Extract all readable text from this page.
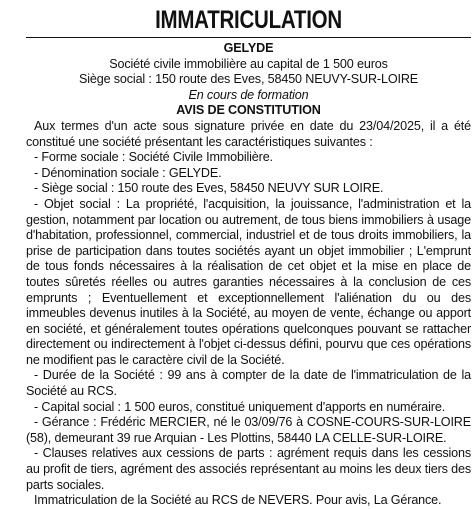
IMMATRICULATION

GELYDE

Société civile immobilière au capital de 1 500 euros

Siège social : 150 route des Eves, 58450 NEUVY-SUR-LOIRE

En cours de formation

AVIS DE CONSTITUTION

Aux termes d'un acte sous signature privée en date du 23/04/2025, il a été constitué une société présentant les caractéristiques suivantes :

- Forme sociale : Société Civile Immobilière.

- Dénomination sociale : GELYDE.

- Siège social : 150 route des Eves, 58450 NEUVY SUR LOIRE.

- Objet social : La propriété, l'acquisition, la jouissance, l'administration et la gestion, notamment par location ou autrement, de tous biens immobiliers à usage d'habitation, professionnel, commercial, industriel et de tous droits immobiliers, la prise de participation dans toutes sociétés ayant un objet immobilier ; L'emprunt de tous fonds nécessaires à la réalisation de cet objet et la mise en place de toutes sûretés réelles ou autres garanties nécessaires à la conclusion de ces emprunts ; Eventuellement et exceptionnellement l'aliénation du ou des immeubles devenus inutiles à la Société, au moyen de vente, échange ou apport en société, et généralement toutes opérations quelconques pouvant se rattacher directement ou indirectement à l'objet ci-dessus défini, pourvu que ces opérations ne modifient pas le caractère civil de la Société.

- Durée de la Société : 99 ans à compter de la date de l'immatriculation de la Société au RCS.

- Capital social : 1 500 euros, constitué uniquement d'apports en numéraire.

- Gérance : Frédéric MERCIER, né le 03/09/76 à COSNE-COURS-SUR-LOIRE (58), demeurant 39 rue Arquian - Les Plottins, 58440 LA CELLE-SUR-LOIRE.

- Clauses relatives aux cessions de parts : agrément requis dans les cessions au profit de tiers, agrément des associés représentant au moins les deux tiers des parts sociales.

Immatriculation de la Société au RCS de NEVERS. Pour avis, La Gérance.
